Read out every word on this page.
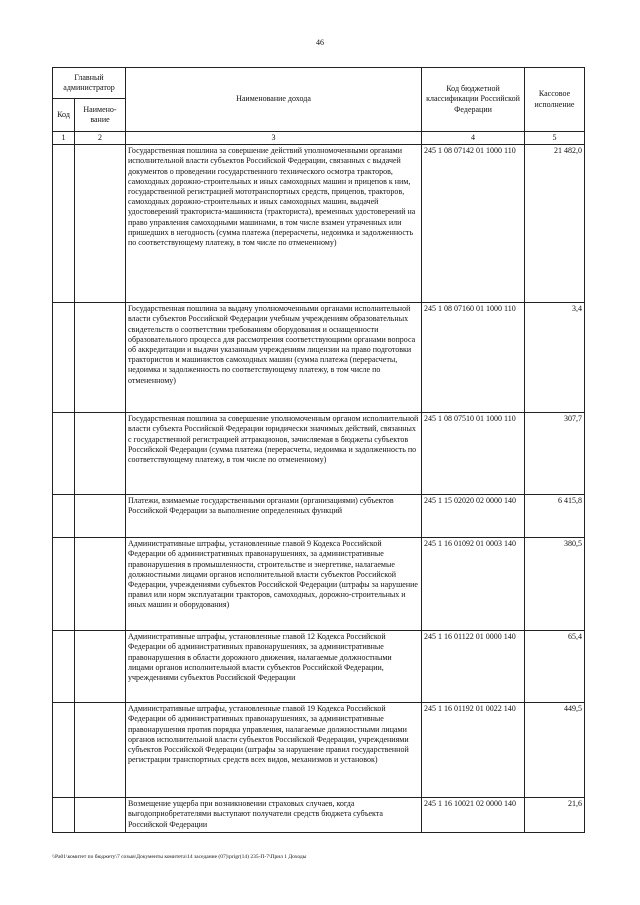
46
Главный администратор		Наименование дохода	Код бюджетной классификации Российской Федерации	Кассовое исполнение
Код	Наимено-вание			
1	2	3	4	5
		Государственная пошлина за совершение действий уполномоченными органами исполнительной власти субъектов Российской Федерации, связанных с выдачей документов о проведении государственного технического осмотра тракторов, самоходных дорожно-строительных и иных самоходных машин и прицепов к ним, государственной регистрацией мототранспортных средств, прицепов, тракторов, самоходных дорожно-строительных и иных самоходных машин, выдачей удостоверений тракториста-машиниста (тракториста), временных удостоверений на право управления самоходными машинами, в том числе взамен утраченных или пришедших в негодность (сумма платежа (перерасчеты, недоимка и задолженность по соответствующему платежу, в том числе по отмененному)	245 1 08 07142 01 1000 110	21 482,0
		Государственная пошлина за выдачу уполномоченными органами исполнительной власти субъектов Российской Федерации учебным учреждениям образовательных свидетельств о соответствии требованиям оборудования и оснащенности образовательного процесса для рассмотрения соответствующими органами вопроса об аккредитации и выдачи указанным учреждениям лицензии на право подготовки трактористов и машинистов самоходных машин (сумма платежа (перерасчеты, недоимка и задолженность по соответствующему платежу, в том числе по отмененному)	245 1 08 07160 01 1000 110	3,4
		Государственная пошлина за совершение уполномоченным органом исполнительной власти субъекта Российской Федерации юридически значимых действий, связанных с государственной регистрацией аттракционов, зачисляемая в бюджеты субъектов Российской Федерации (сумма платежа (перерасчеты, недоимка и задолженность по соответствующему платежу, в том числе по отмененному)	245 1 08 07510 01 1000 110	307,7
		Платежи, взимаемые государственными органами (организациями) субъектов Российской Федерации за выполнение определенных функций	245 1 15 02020 02 0000 140	6 415,8
		Административные штрафы, установленные главой 9 Кодекса Российской Федерации об административных правонарушениях, за административные правонарушения в промышленности, строительстве и энергетике, налагаемые должностными лицами органов исполнительной власти субъектов Российской Федерации, учреждениями субъектов Российской Федерации (штрафы за нарушение правил или норм эксплуатации тракторов, самоходных, дорожно-строительных и иных машин и оборудования)	245 1 16 01092 01 0003 140	380,5
		Административные штрафы, установленные главой 12 Кодекса Российской Федерации об административных правонарушениях, за административные правонарушения в области дорожного движения, налагаемые должностными лицами органов исполнительной власти субъектов Российской Федерации, учреждениями субъектов Российской Федерации	245 1 16 01122 01 0000 140	65,4
		Административные штрафы, установленные главой 19 Кодекса Российской Федерации об административных правонарушениях, за административные правонарушения против порядка управления, налагаемые должностными лицами органов исполнительной власти субъектов Российской Федерации, учреждениями субъектов Российской Федерации (штрафы за нарушение правил государственной регистрации транспортных средств всех видов, механизмов и установок)	245 1 16 01192 01 0022 140	449,5
		Возмещение ущерба при возникновении страховых случаев, когда выгодоприобретателями выступают получатели средств бюджета субъекта Российской Федерации	245 1 16 10021 02 0000 140	21,6
\\Pa01\комитет по бюджету\7 созыв\Документы комитета\14 заседание (07)\prigr(14) 235-П-7\Прил 1 Доходы
